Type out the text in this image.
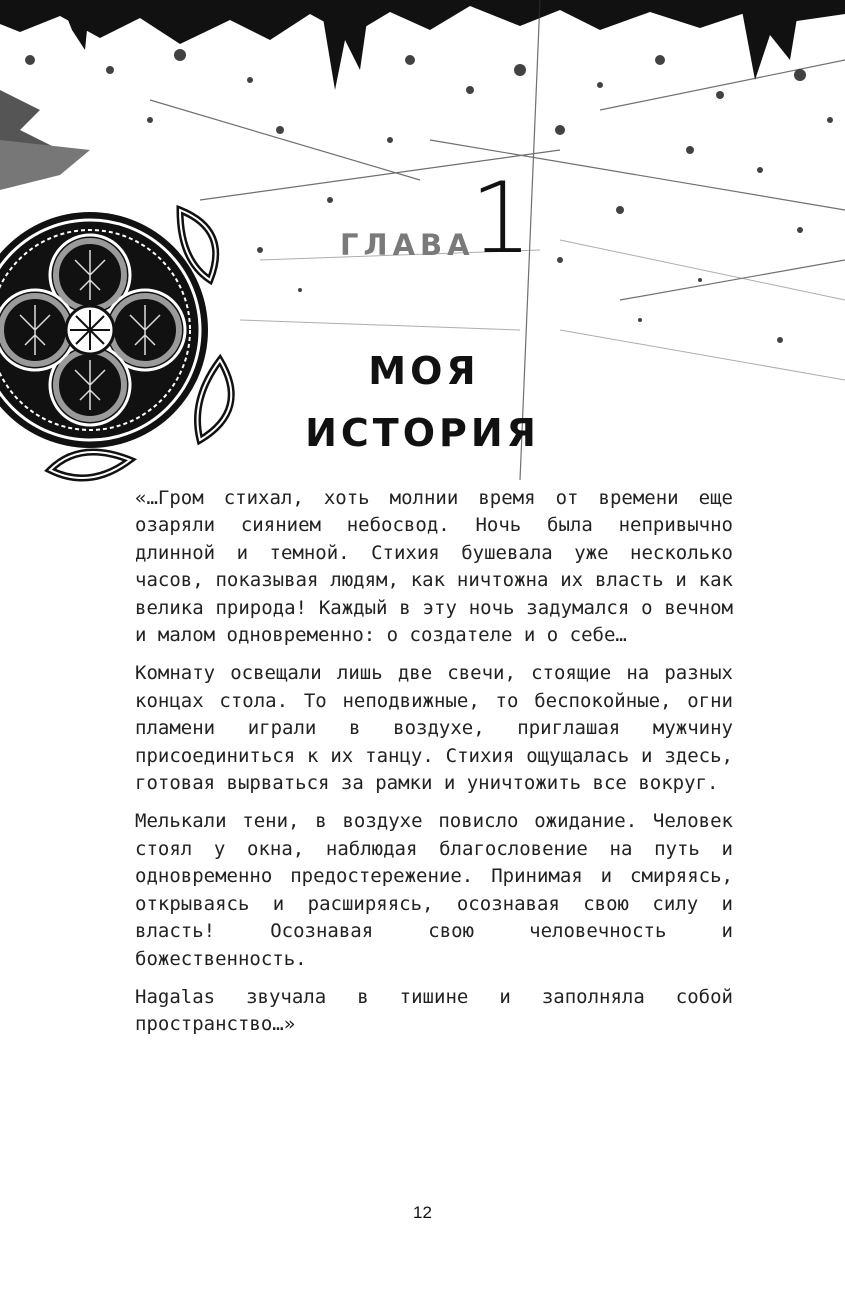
ГЛАВА
1
МОЯ
ИСТОРИЯ

«…Гром стихал, хоть молнии время от времени еще озаряли сиянием небосвод. Ночь была непривычно длинной и темной. Стихия бушевала уже несколько часов, показывая людям, как ничтожна их власть и как велика природа! Каждый в эту ночь задумался о вечном и малом одновременно: о создателе и о себе…

Комнату освещали лишь две свечи, стоящие на разных концах стола. То неподвижные, то беспокойные, огни пламени играли в воздухе, приглашая мужчину присоединиться к их танцу. Стихия ощущалась и здесь, готовая вырваться за рамки и уничтожить все вокруг.

Мелькали тени, в воздухе повисло ожидание. Человек стоял у окна, наблюдая благословение на путь и одновременно предостережение. Принимая и смиряясь, открываясь и расширяясь, осознавая свою силу и власть! Осознавая свою человечность и божественность.

Hagalas звучала в тишине и заполняла собой пространство…»

12
